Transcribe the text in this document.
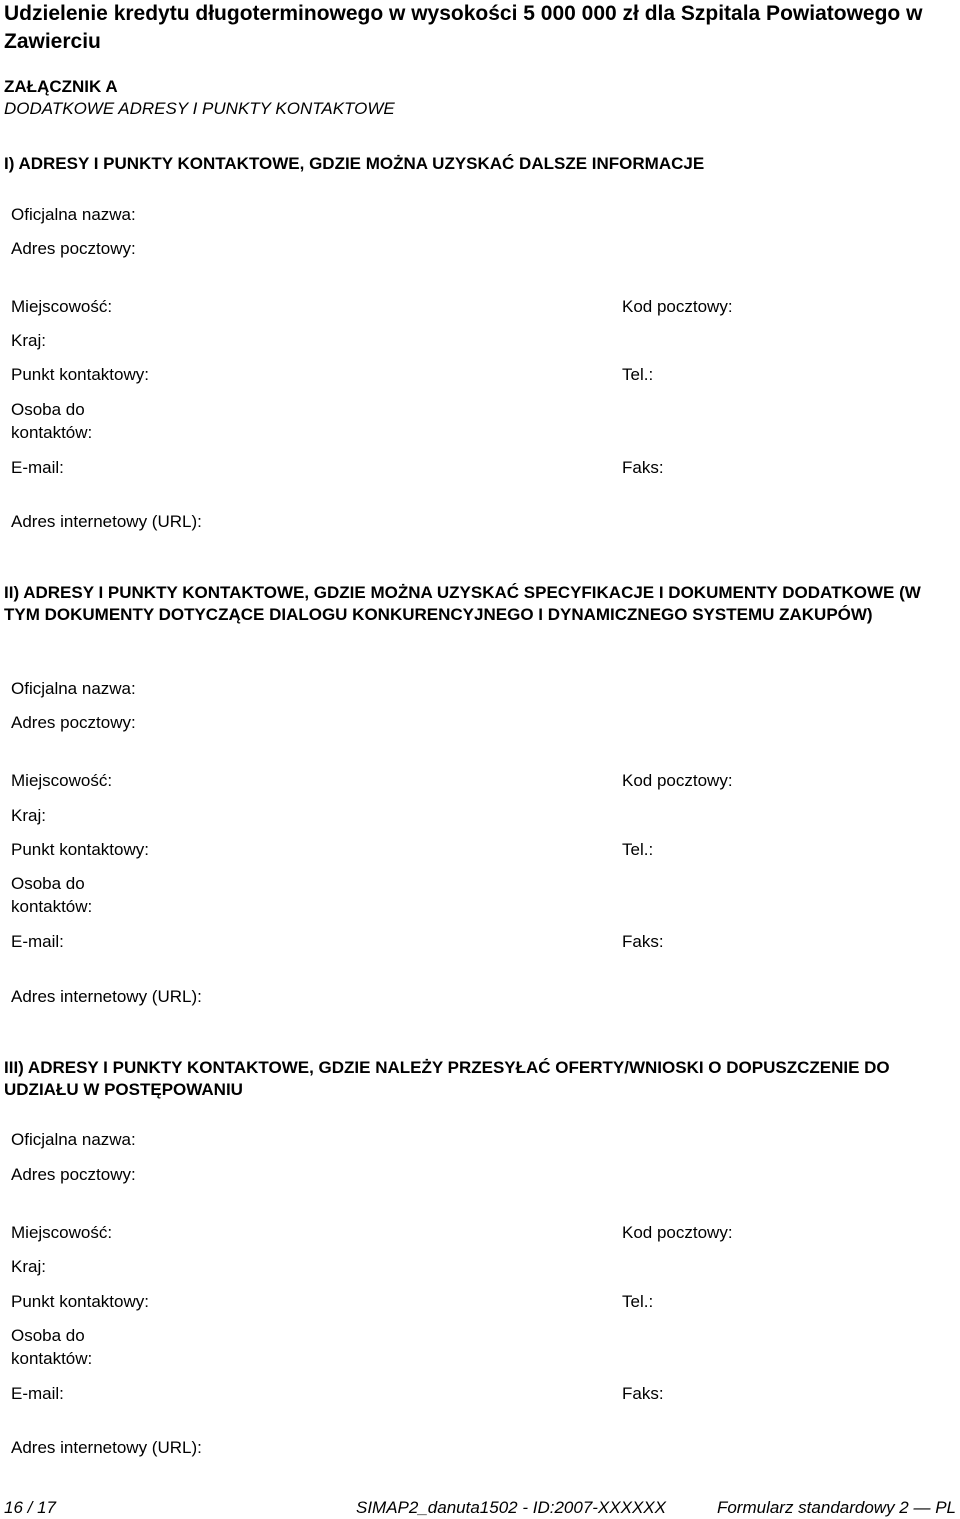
Udzielenie kredytu długoterminowego w wysokości 5 000 000 zł dla Szpitala Powiatowego w Zawierciu
ZAŁĄCZNIK A
DODATKOWE ADRESY I PUNKTY KONTAKTOWE
I) ADRESY I PUNKTY KONTAKTOWE, GDZIE MOŻNA UZYSKAĆ DALSZE INFORMACJE
Oficjalna nazwa:
Adres pocztowy:
Miejscowość:	Kod pocztowy:
Kraj:
Punkt kontaktowy:	Tel.:
Osoba do
kontaktów:
E-mail:	Faks:
Adres internetowy (URL):
II) ADRESY I PUNKTY KONTAKTOWE, GDZIE MOŻNA UZYSKAĆ SPECYFIKACJE I DOKUMENTY DODATKOWE (W TYM DOKUMENTY DOTYCZĄCE DIALOGU KONKURENCYJNEGO I DYNAMICZNEGO SYSTEMU ZAKUPÓW)
Oficjalna nazwa:
Adres pocztowy:
Miejscowość:	Kod pocztowy:
Kraj:
Punkt kontaktowy:	Tel.:
Osoba do
kontaktów:
E-mail:	Faks:
Adres internetowy (URL):
III) ADRESY I PUNKTY KONTAKTOWE, GDZIE NALEŻY PRZESYŁAĆ OFERTY/WNIOSKI O DOPUSZCZENIE DO UDZIAŁU W POSTĘPOWANIU
Oficjalna nazwa:
Adres pocztowy:
Miejscowość:	Kod pocztowy:
Kraj:
Punkt kontaktowy:	Tel.:
Osoba do
kontaktów:
E-mail:	Faks:
Adres internetowy (URL):
16 / 17	SIMAP2_danuta1502 - ID:2007-XXXXXX	Formularz standardowy 2 — PL
